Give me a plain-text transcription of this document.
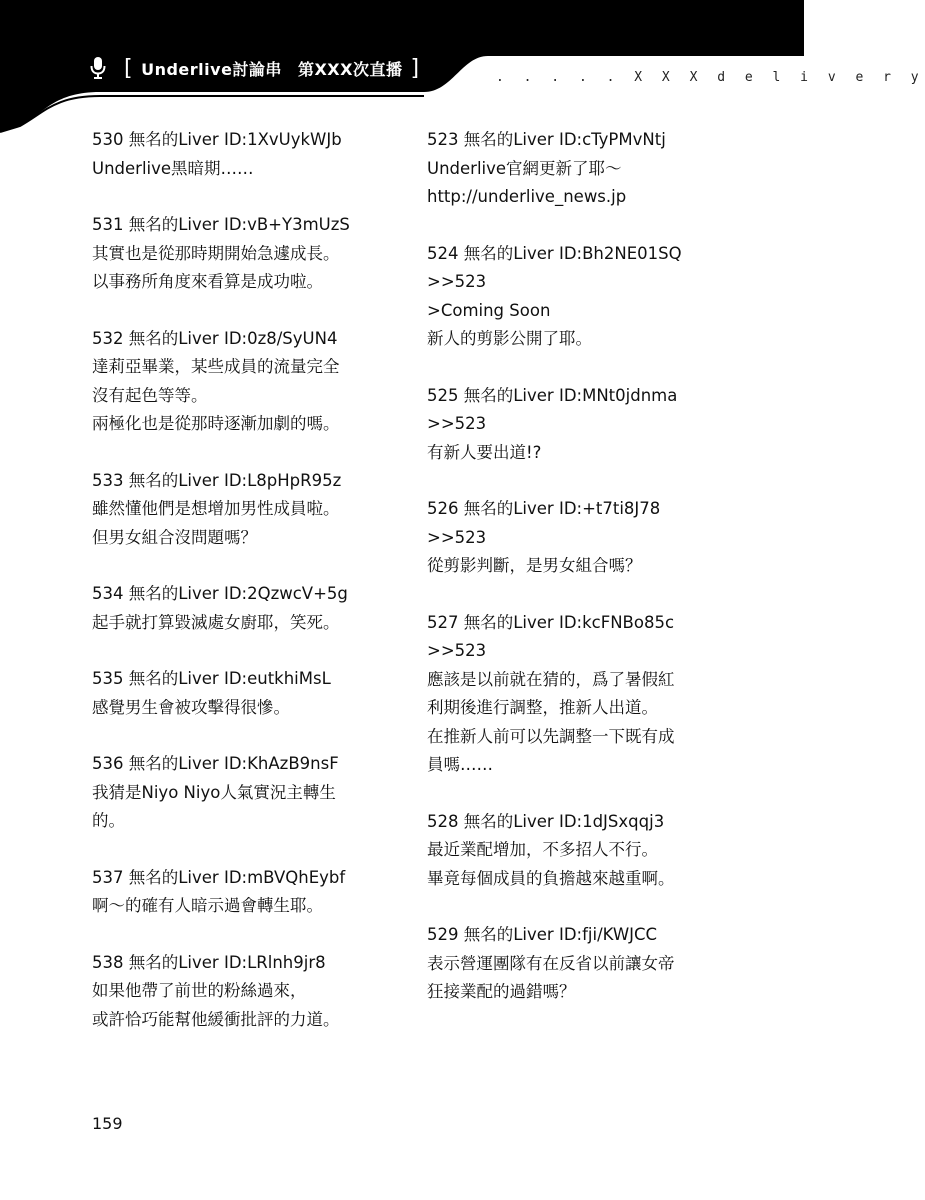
[ Underlive討論串 第XXX次直播 ]	. . . . . X X X d e l i v e r y

530 無名的Liver ID:1XvUykWJb

Underlive黑暗期……

531 無名的Liver ID:vB+Y3mUzS

其實也是從那時期開始急遽成長。

以事務所角度來看算是成功啦。

532 無名的Liver ID:0z8/SyUN4

達莉亞畢業，某些成員的流量完全

沒有起色等等。

兩極化也是從那時逐漸加劇的嗎。

533 無名的Liver ID:L8pHpR95z

雖然懂他們是想增加男性成員啦。

但男女組合沒問題嗎？

534 無名的Liver ID:2QzwcV+5g

起手就打算毀滅處女廚耶，笑死。

535 無名的Liver ID:eutkhiMsL

感覺男生會被攻擊得很慘。

536 無名的Liver ID:KhAzB9nsF

我猜是Niyo Niyo人氣實況主轉生

的。

537 無名的Liver ID:mBVQhEybf

啊～的確有人暗示過會轉生耶。

538 無名的Liver ID:LRlnh9jr8

如果他帶了前世的粉絲過來，

或許恰巧能幫他緩衝批評的力道。

523 無名的Liver ID:cTyPMvNtj

Underlive官網更新了耶～

http://underlive_news.jp

524 無名的Liver ID:Bh2NE01SQ

>>523

>Coming Soon

新人的剪影公開了耶。

525 無名的Liver ID:MNt0jdnma

>>523

有新人要出道!?

526 無名的Liver ID:+t7ti8J78

>>523

從剪影判斷，是男女組合嗎？

527 無名的Liver ID:kcFNBo85c

>>523

應該是以前就在猜的，爲了暑假紅

利期後進行調整，推新人出道。

在推新人前可以先調整一下既有成

員嗎……

528 無名的Liver ID:1dJSxqqj3

最近業配增加，不多招人不行。

畢竟每個成員的負擔越來越重啊。

529 無名的Liver ID:fji/KWJCC

表示營運團隊有在反省以前讓女帝

狂接業配的過錯嗎？

159
